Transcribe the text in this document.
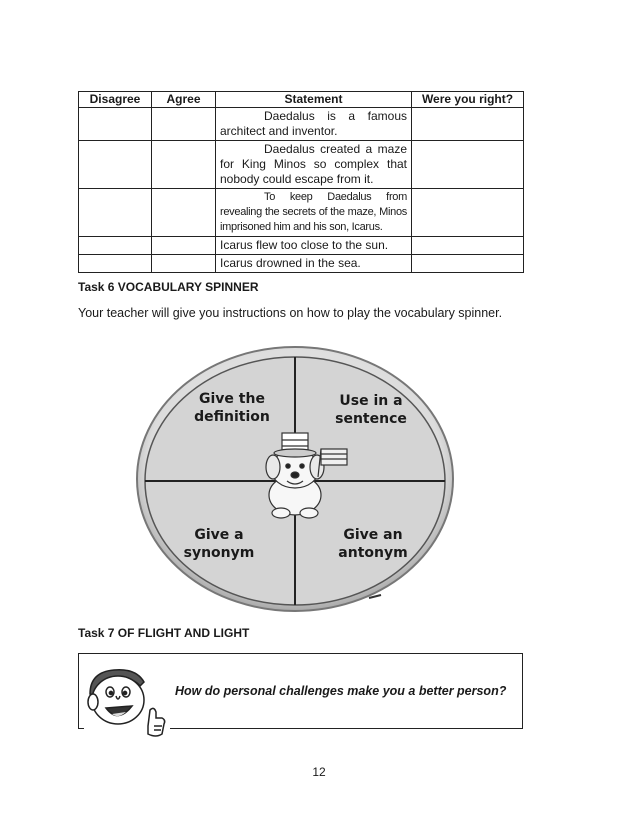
Disagree	Agree	Statement	Were you right?
		Daedalus is a famous architect and inventor.	
		Daedalus created a maze for King Minos so complex that nobody could escape from it.	
		To keep Daedalus from revealing the secrets of the maze, Minos imprisoned him and his son, Icarus.	
		Icarus flew too close to the sun.	
		Icarus drowned in the sea.	
Task 6 VOCABULARY SPINNER

Your teacher will give you instructions on how to play the vocabulary spinner.

Give the
definition
Use in a
sentence
Give a
synonym
Give an
antonym
Task 7 OF FLIGHT AND LIGHT
How do personal challenges make you a better person?
12
